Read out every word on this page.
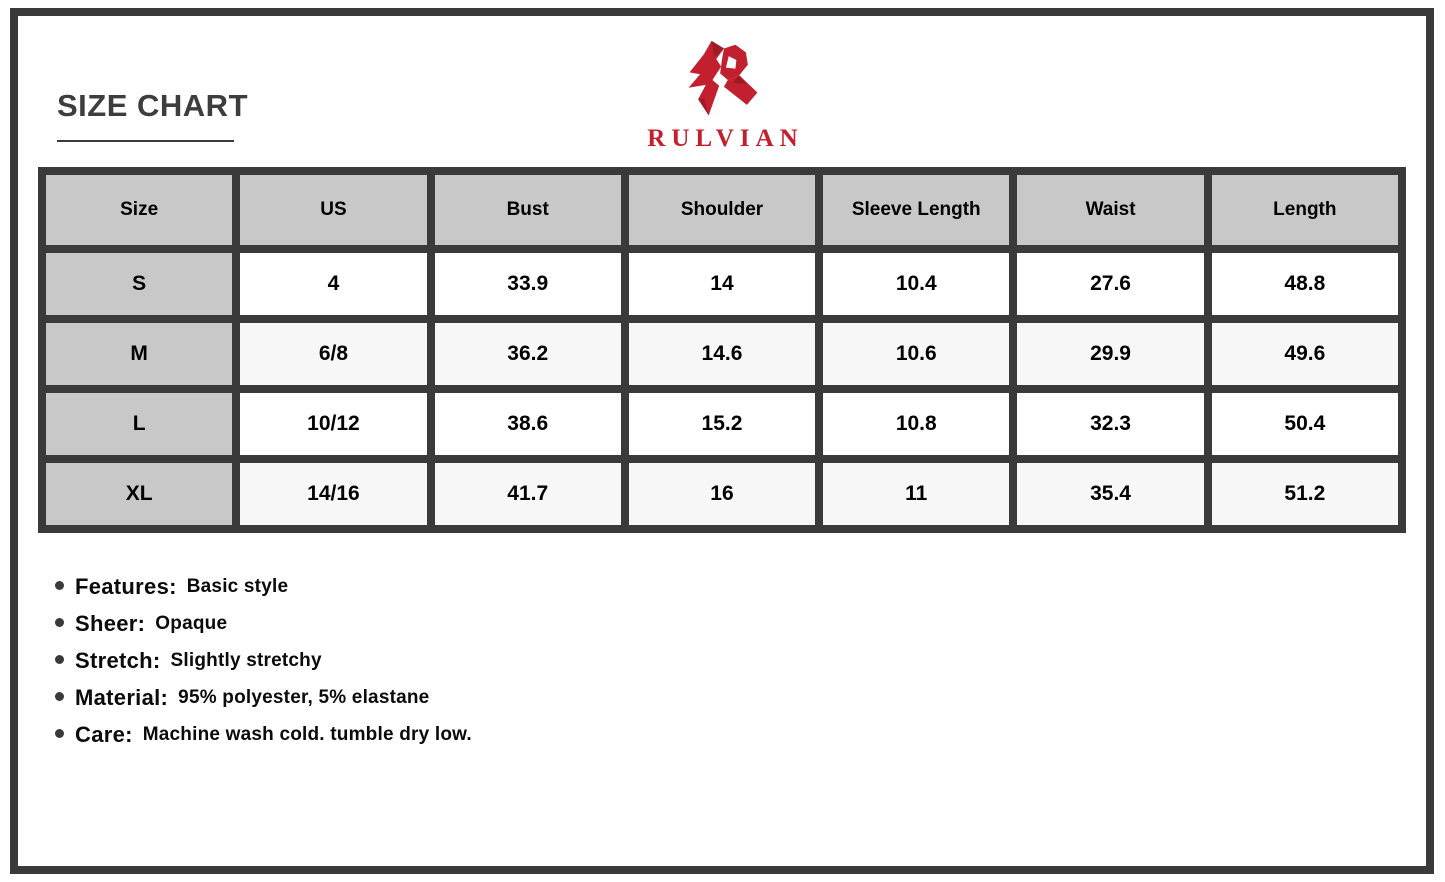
SIZE CHART
RULVIAN
Size	US	Bust	Shoulder	Sleeve Length	Waist	Length
S	4	33.9	14	10.4	27.6	48.8
M	6/8	36.2	14.6	10.6	29.9	49.6
L	10/12	38.6	15.2	10.8	32.3	50.4
XL	14/16	41.7	16	11	35.4	51.2
Features: Basic style
Sheer: Opaque
Stretch: Slightly stretchy
Material: 95% polyester, 5% elastane
Care: Machine wash cold. tumble dry low.
